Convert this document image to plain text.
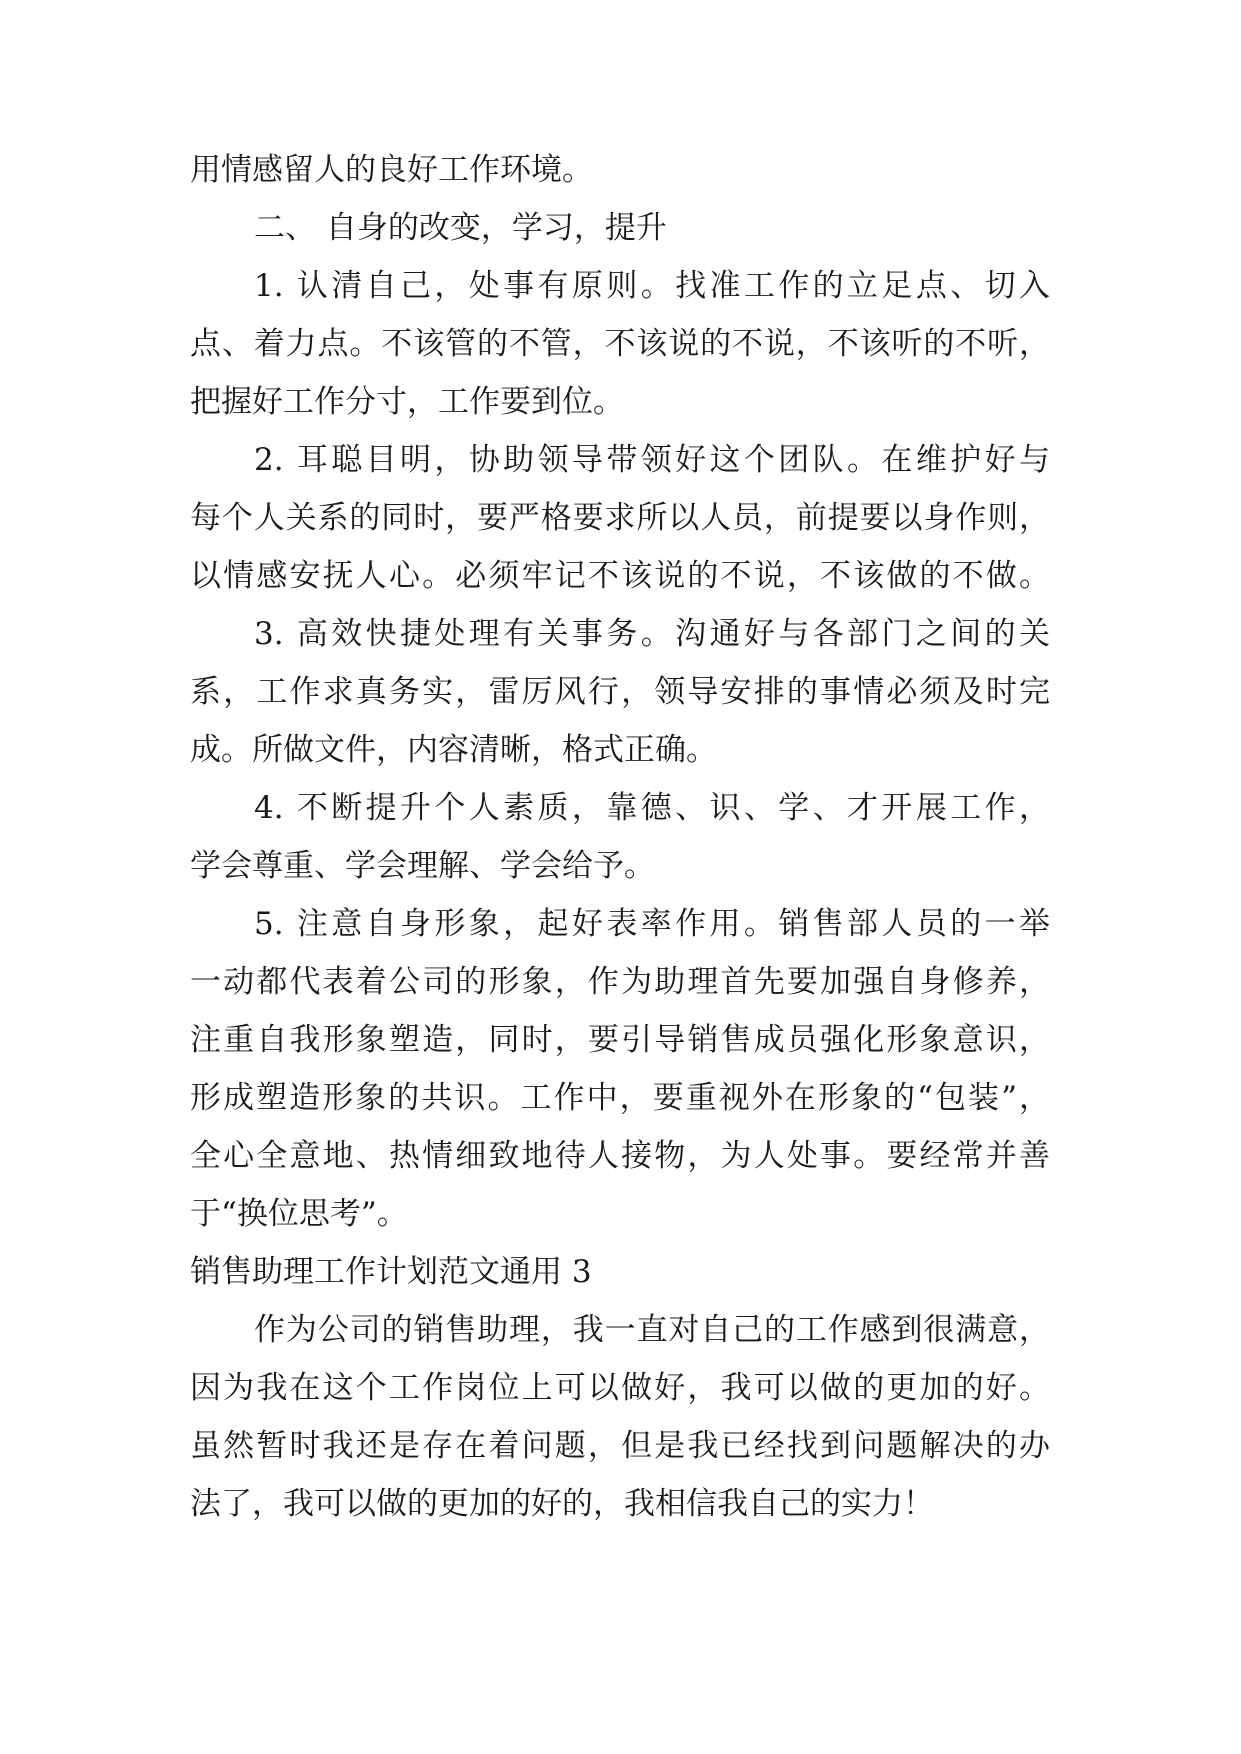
用情感留人的良好工作环境。
二、 自身的改变，学习，提升
1. 认清自己，处事有原则。找准工作的立足点、切入
点、着力点。不该管的不管，不该说的不说，不该听的不听，
把握好工作分寸，工作要到位。
2. 耳聪目明，协助领导带领好这个团队。在维护好与
每个人关系的同时，要严格要求所以人员，前提要以身作则，
以情感安抚人心。必须牢记不该说的不说，不该做的不做。
3. 高效快捷处理有关事务。沟通好与各部门之间的关
系，工作求真务实，雷厉风行，领导安排的事情必须及时完
成。所做文件，内容清晰，格式正确。
4. 不断提升个人素质，靠德、识、学、才开展工作，
学会尊重、学会理解、学会给予。
5. 注意自身形象，起好表率作用。销售部人员的一举
一动都代表着公司的形象，作为助理首先要加强自身修养，
注重自我形象塑造，同时，要引导销售成员强化形象意识，
形成塑造形象的共识。工作中，要重视外在形象的“包装”，
全心全意地、热情细致地待人接物，为人处事。要经常并善
于“换位思考”。
销售助理工作计划范文通用 3
作为公司的销售助理，我一直对自己的工作感到很满意，
因为我在这个工作岗位上可以做好，我可以做的更加的好。
虽然暂时我还是存在着问题，但是我已经找到问题解决的办
法了，我可以做的更加的好的，我相信我自己的实力！
